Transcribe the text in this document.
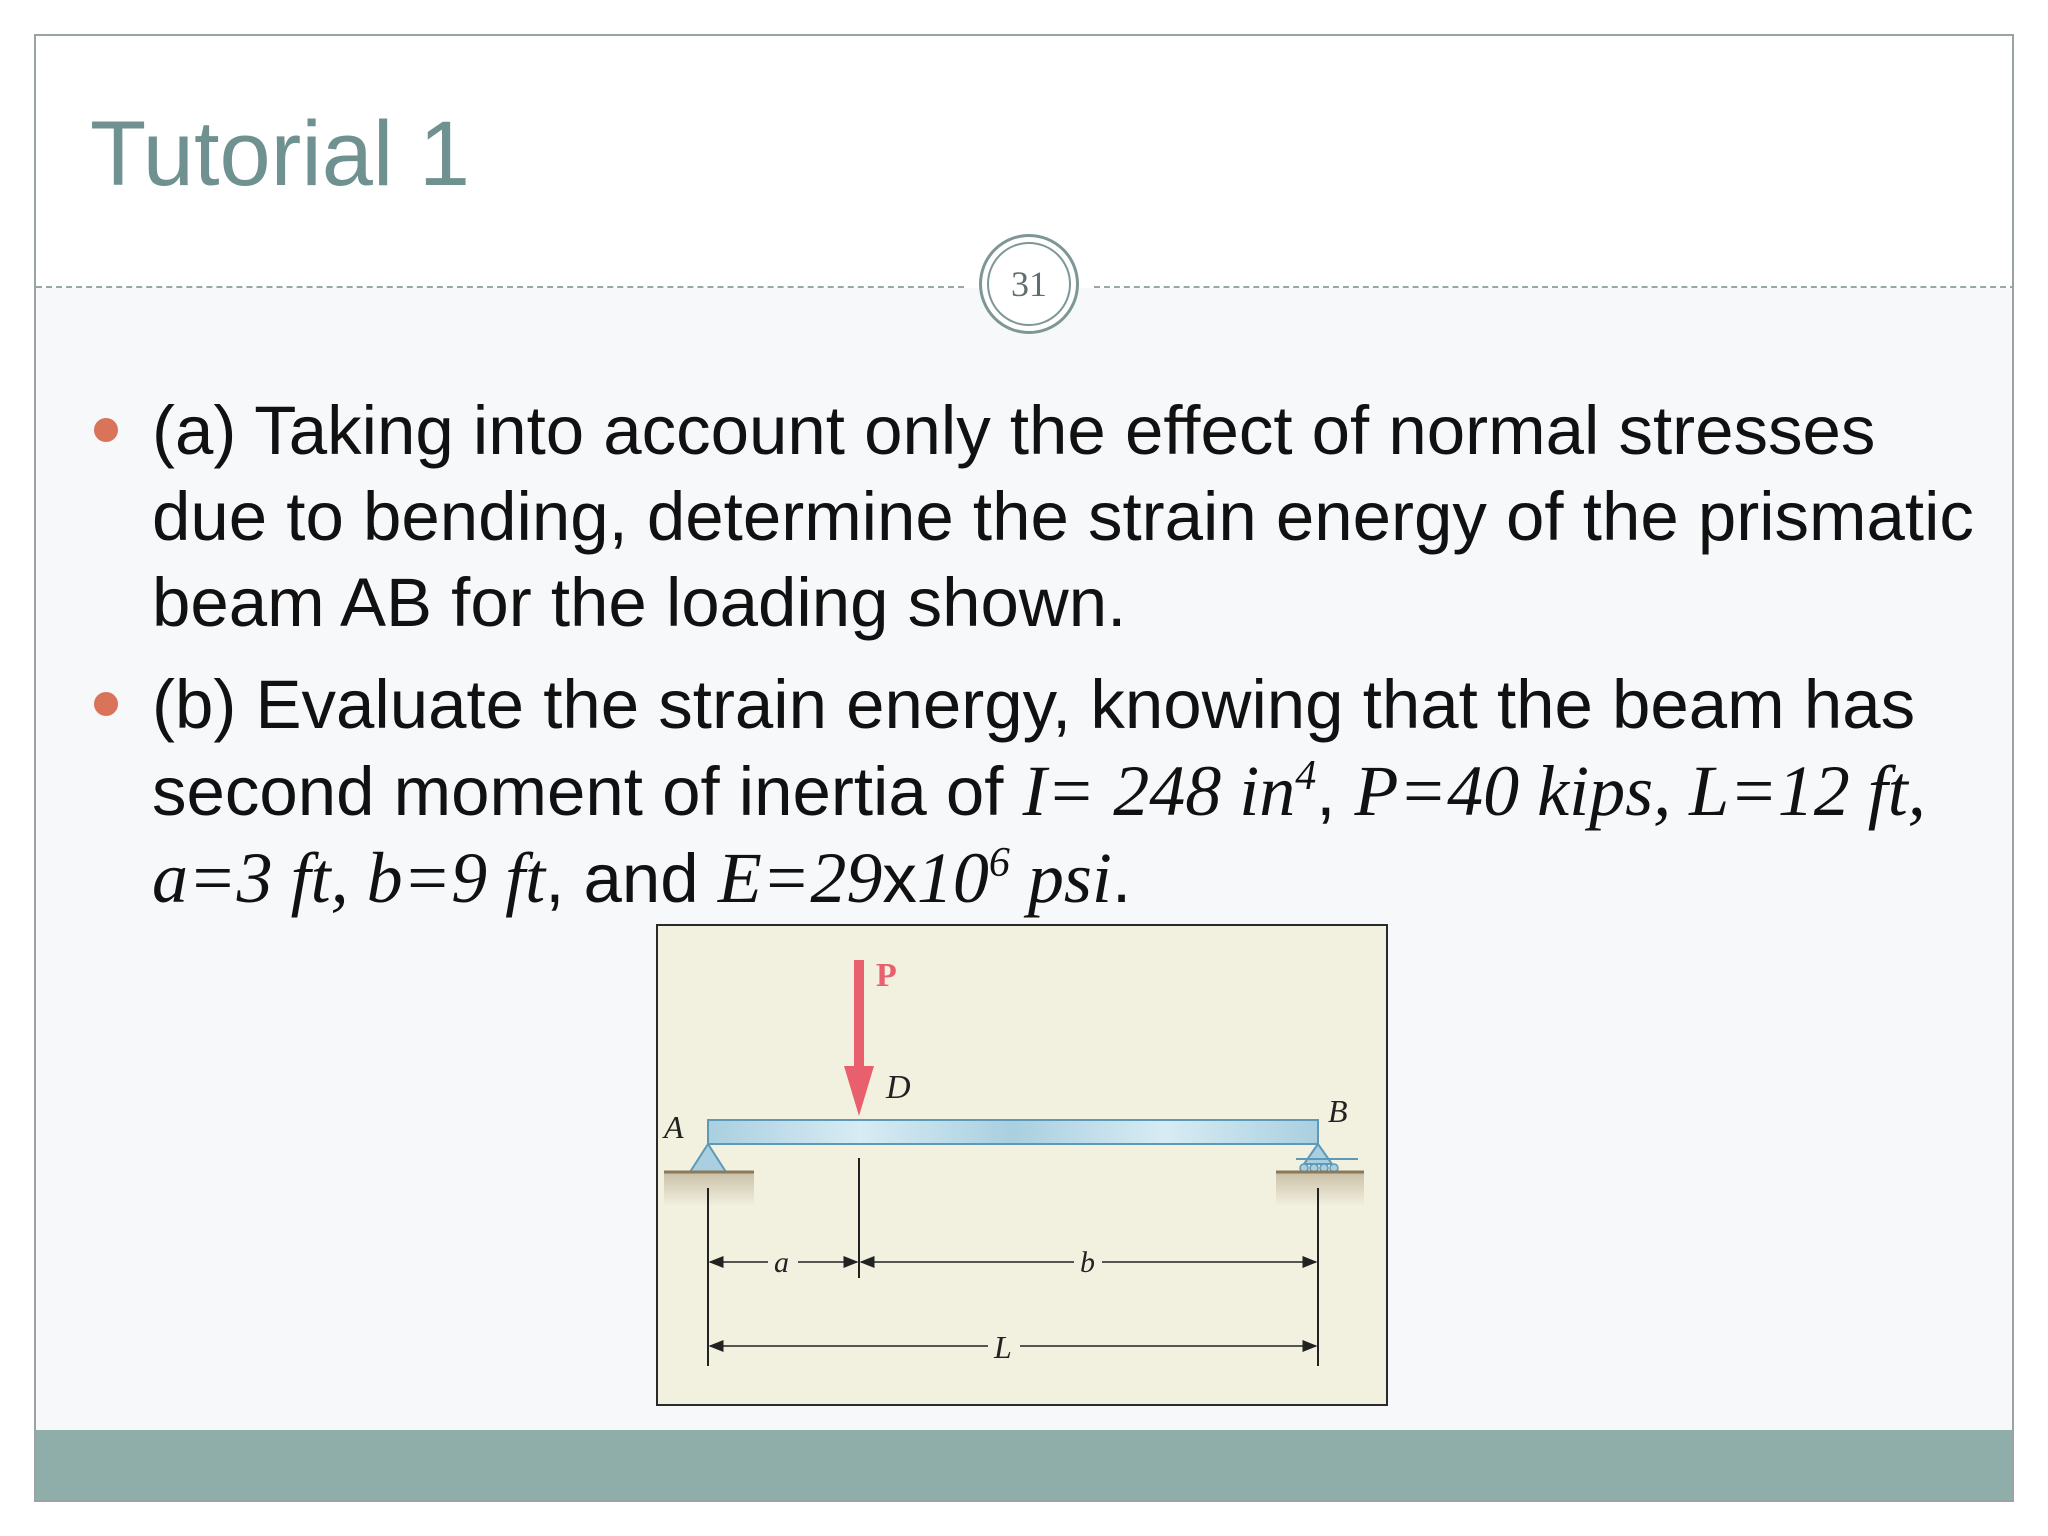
Tutorial 1
(a) Taking into account only the effect of normal stresses due to bending, determine the strain energy of the prismatic beam AB for the loading shown.
(b) Evaluate the strain energy, knowing that the beam has second moment of inertia of I= 248 $in^4$, P=40 kips, L=12 ft, a=3 ft, b=9 ft, and $E=29x10^6$ psi.
31
P
D
A	B
a	b
L
